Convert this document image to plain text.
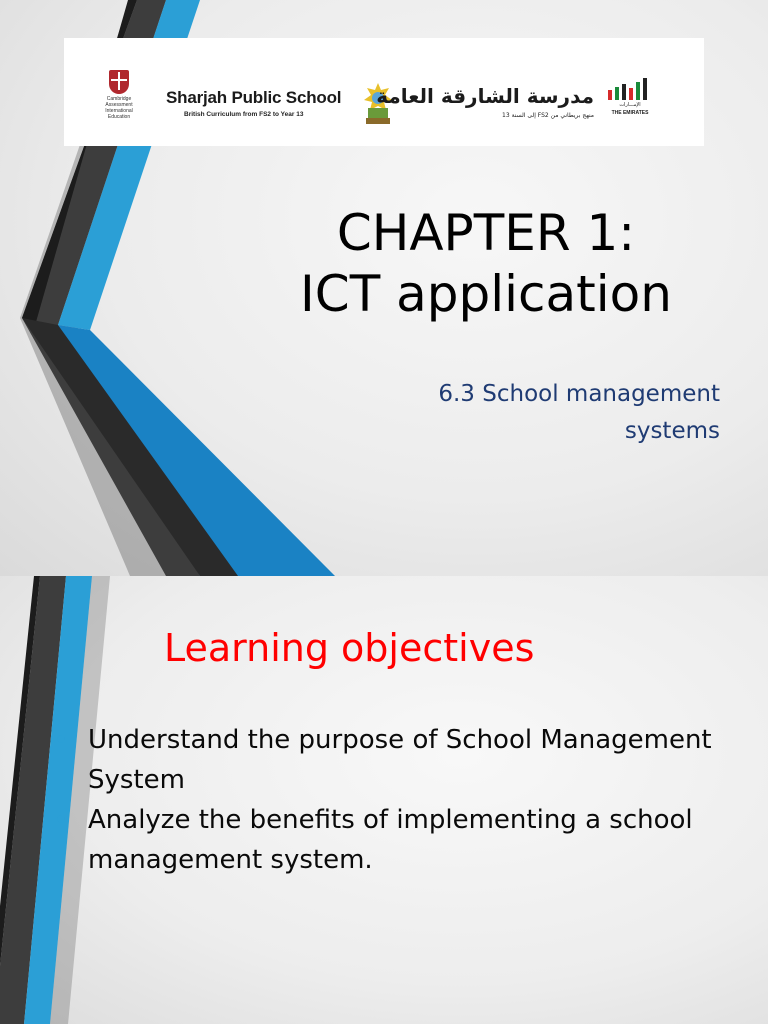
Cambridge
Assessment
International
Education
Sharjah Public School
British Curriculum from FS2 to Year 13
مدرسة الشارقة العامة
منهج بريطاني من FS2 إلى السنة 13
الإمـــارات
THE EMIRATES
CHAPTER 1:
ICT application
6.3 School management
systems
Learning objectives
• Understand the purpose of School Management System
• Analyze the benefits of implementing a school management system.
